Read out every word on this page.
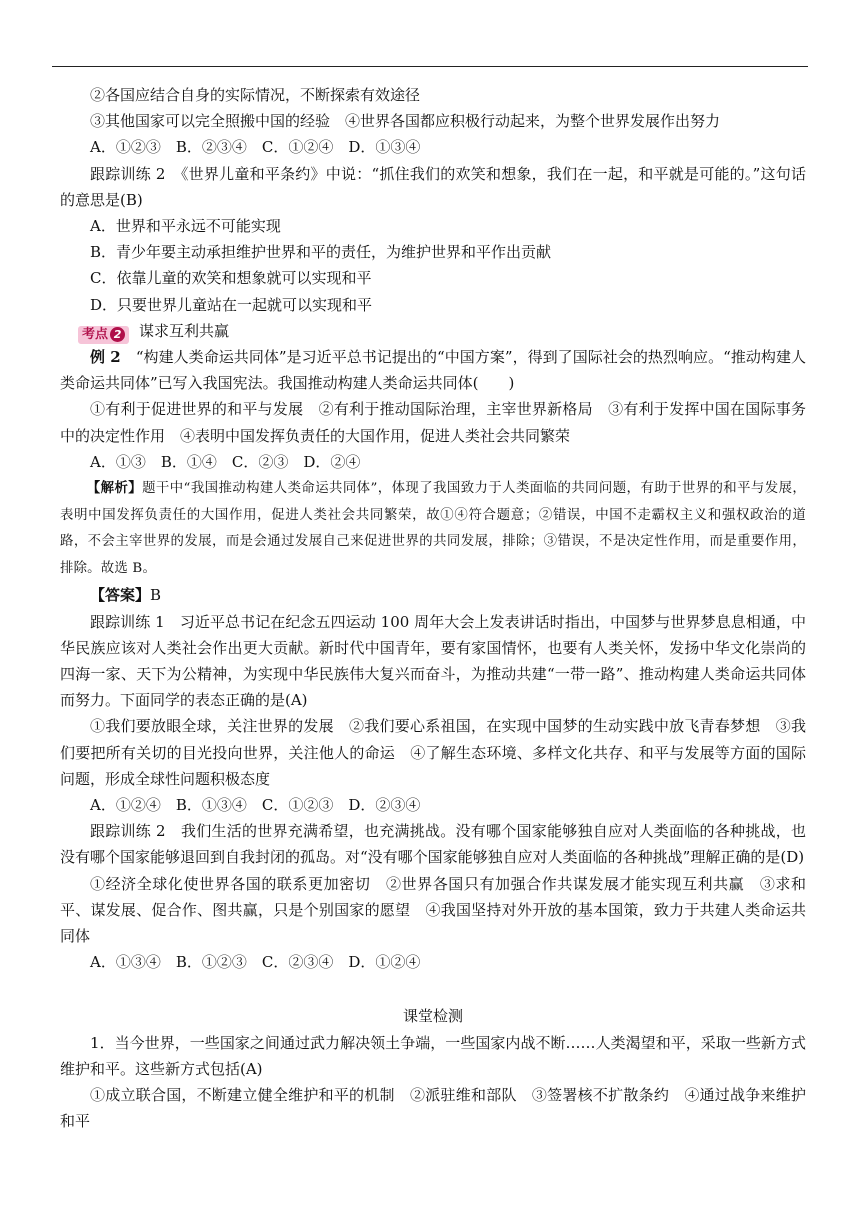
②各国应结合自身的实际情况，不断探索有效途径

③其他国家可以完全照搬中国的经验　④世界各国都应积极行动起来，为整个世界发展作出努力

A．①②③　B．②③④　C．①②④　D．①③④

跟踪训练 2　《世界儿童和平条约》中说：“抓住我们的欢笑和想象，我们在一起，和平就是可能的。”这句话的意思是(B)

A．世界和平永远不可能实现

B．青少年要主动承担维护世界和平的责任，为维护世界和平作出贡献

C．依靠儿童的欢笑和想象就可以实现和平

D．只要世界儿童站在一起就可以实现和平

考点 2 谋求互利共赢

例 2　“构建人类命运共同体”是习近平总书记提出的“中国方案”，得到了国际社会的热烈响应。“推动构建人类命运共同体”已写入我国宪法。我国推动构建人类命运共同体(　　)

①有利于促进世界的和平与发展　②有利于推动国际治理，主宰世界新格局　③有利于发挥中国在国际事务中的决定性作用　④表明中国发挥负责任的大国作用，促进人类社会共同繁荣

A．①③　B．①④　C．②③　D．②④

【解析】题干中“我国推动构建人类命运共同体”，体现了我国致力于人类面临的共同问题，有助于世界的和平与发展，表明中国发挥负责任的大国作用，促进人类社会共同繁荣，故①④符合题意；②错误，中国不走霸权主义和强权政治的道路，不会主宰世界的发展，而是会通过发展自己来促进世界的共同发展，排除；③错误，不是决定性作用，而是重要作用，排除。故选 B。

【答案】B

跟踪训练 1　习近平总书记在纪念五四运动 100 周年大会上发表讲话时指出，中国梦与世界梦息息相通，中华民族应该对人类社会作出更大贡献。新时代中国青年，要有家国情怀，也要有人类关怀，发扬中华文化崇尚的四海一家、天下为公精神，为实现中华民族伟大复兴而奋斗，为推动共建“一带一路”、推动构建人类命运共同体而努力。下面同学的表态正确的是(A)

①我们要放眼全球，关注世界的发展　②我们要心系祖国，在实现中国梦的生动实践中放飞青春梦想　③我们要把所有关切的目光投向世界，关注他人的命运　④了解生态环境、多样文化共存、和平与发展等方面的国际问题，形成全球性问题积极态度

A．①②④　B．①③④　C．①②③　D．②③④

跟踪训练 2　我们生活的世界充满希望，也充满挑战。没有哪个国家能够独自应对人类面临的各种挑战，也没有哪个国家能够退回到自我封闭的孤岛。对“没有哪个国家能够独自应对人类面临的各种挑战”理解正确的是(D)

①经济全球化使世界各国的联系更加密切　②世界各国只有加强合作共谋发展才能实现互利共赢　③求和平、谋发展、促合作、图共赢，只是个别国家的愿望　④我国坚持对外开放的基本国策，致力于共建人类命运共同体

A．①③④　B．①②③　C．②③④　D．①②④

课堂检测

1．当今世界，一些国家之间通过武力解决领土争端，一些国家内战不断……人类渴望和平，采取一些新方式维护和平。这些新方式包括(A)

①成立联合国，不断建立健全维护和平的机制　②派驻维和部队　③签署核不扩散条约　④通过战争来维护和平
